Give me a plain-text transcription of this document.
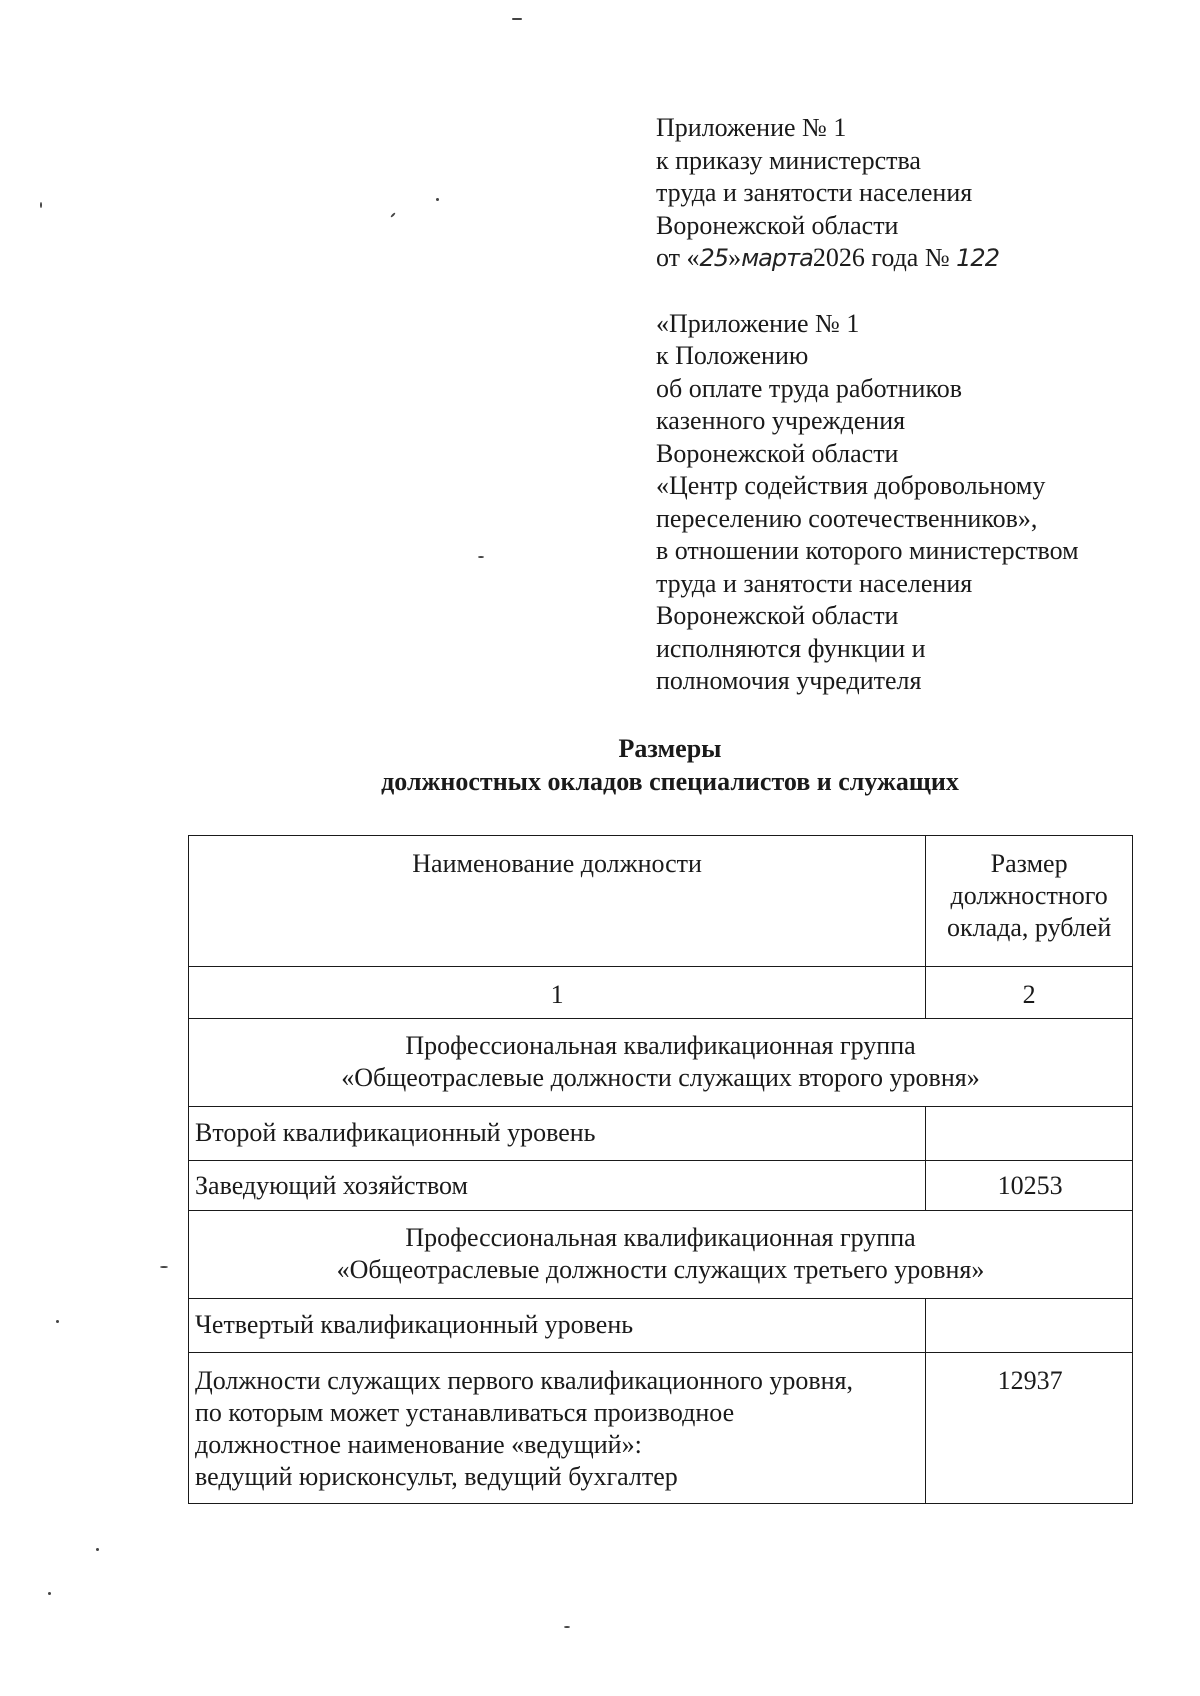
Приложение № 1
к приказу министерства
труда и занятости населения
Воронежской области
от «25»марта2026 года № 122
«Приложение № 1
к Положению
об оплате труда работников
казенного учреждения
Воронежской области
«Центр содействия добровольному
переселению соотечественников»,
в отношении которого министерством
труда и занятости населения
Воронежской области
исполняются функции и
полномочия учредителя
Размеры
должностных окладов специалистов и служащих
Наименование должности	Размер
должностного
оклада, рублей

1	2

Профессиональная квалификационная группа
«Общеотраслевые должности служащих второго уровня»	

Второй квалификационный уровень	
Заведующий хозяйством	10253

Профессиональная квалификационная группа
«Общеотраслевые должности служащих третьего уровня»	

Четвертый квалификационный уровень	

Должности служащих первого квалификационного уровня,
по которым может устанавливаться производное
должностное наименование «ведущий»:
ведущий юрисконсульт, ведущий бухгалтер	12937
